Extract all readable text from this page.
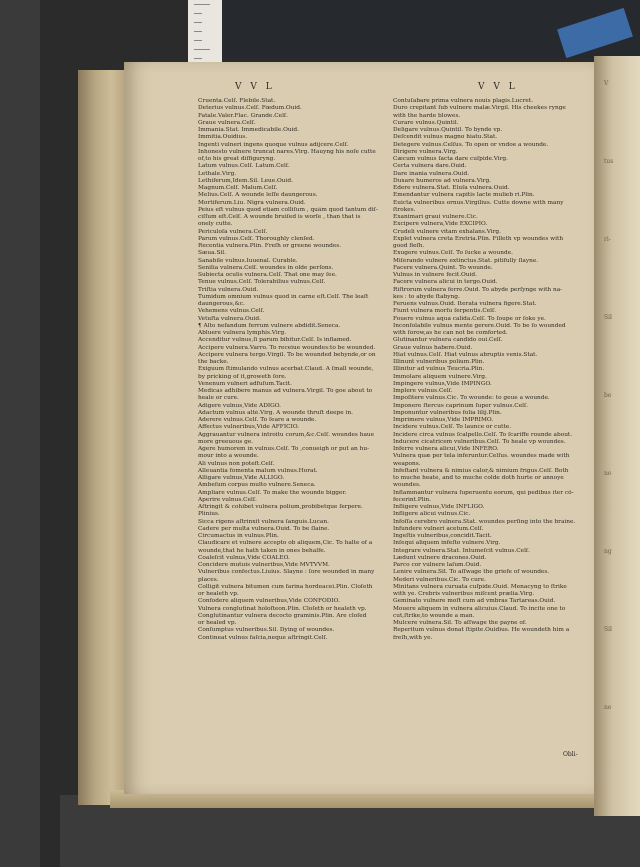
V
tus
ri-
Sil
be
ne
ng
Sil
ne
V V L	V V L
Cruenta.Celſ. Flebile.Stat.
Deterius vulnus.Celſ. Fœdum.Ouid.
Fatale.Valer.Flac. Grande.Celſ.
Graue vulnera.Celſ.
Immania.Stat. Immedicabile.Ouid.
Immitia.Ouidius.
Ingenti vulneri ingens quoque vulnus adijcere.Celſ.
Inhonesto vulnere truncat nares.Virg. Hauyng his noſe cutte
of,to his great diſfiguryng.
Latum vulnus.Celſ. Latum.Celſ.
Lethale.Virg.
Lethiferum,Idem.Sil. Leue.Ouid.
Magnum.Celſ. Malum.Celſ.
Melius.Celſ. A wounde leſſe daungerous.
Mortiferum.Liu. Nigra vulnera.Ouid.
Peius eſt vulnus quod etiam colliſum , quâm quod tantum diſ-
ciſſum eſt.Celſ. A wounde bruiſed is worſe , than that is
onely cutte.
Periculoſa vulnera.Celſ.
Parum vulnus.Celſ. Thoroughly clenſed.
Recentia vulnera.Plin. Freſh or greene woundes.
Sæua.Sil.
Sanabile vulnus.Iuuenal. Curable.
Senilia vulnera.Celſ. woundes in olde perſons.
Subiecta oculis vulnera.Celſ. That one may ſee.
Tenue vulnus.Celſ. Tolerabilius vulnus.Celſ.
Triſtia vulnera.Ouid.
Tumidum omnium vulnus quod in carne eſt.Celſ. The leaſt
daungerous,&c.
Vehemens vulnus.Celſ.
Vetuſta vulnera.Ouid.
¶ Alto nefandum ferrum vulnere abdidit.Seneca.
Abluere vulnera lymphis.Virg.
Accenditur vulnus,ſi parum bibitur.Celſ. Is inflamed.
Accipere vulnera.Varro. To receiue woundes:to be wounded.
Accipere vulnera tergo.Virgil. To be wounded behynde,or on
the backe.
Exiguum ſtimulando vulnus acerbat.Claud. A ſmall wounde,
by pricking of it,groweth ſore.
Venenum vulneri adfuſum.Tacit.
Medicas adhibere manus ad vulnera.Virgil. To goe about to
heale or cure.
Adigere vulnus,Vide ADIGO.
Adactum vulnus altè.Virg. A wounde thruſt deepe in.
Aderere vulnus.Celſ. To ſeare a wounde.
Affectus vulneribus,Vide AFFICIO.
Aggrauantur vulnera introitu corum,&c.Celſ. woundes haue
more greeuous ge.
Agere humorem in vulnus.Celſ. To ,conueigh or put an hu-
mour into a wounde.
Ali vulnus non poteſt.Celſ.
Alleuantia fomenta malum vulnus.Horat.
Alligare vulnus,Vide ALLIGO.
Ambeſum corpus multo vulnere.Seneca.
Ampliare vulnus.Celſ. To make the wounde bigger.
Aperire vulnus.Celſ.
Aſtringit & cohibet vulnera polium,probibetque ſerpere.
Plinius.
Sicca rigens aſtrinxit vulnera ſanguis.Lucan.
Cadere per multa vulnera.Ouid. To be ſlaine.
Circumactus in vulnus.Plin.
Claudicare et vulnere accepto ob aliquem,Cic. To halte of a
wounde,that he hath taken in ones behalfe.
Coaleſcit vulnus,Vide COALEO.
Concidere mutuis vulneribus,Vide MVTVVM.
Vulneribus confectus.Liuius. Slayne : ſore wounded in many
places.
Colligit vulnera bitumen cum farina hordeacei.Plin. Cloſeth
or healeth vp.
Confodere aliquem vulneribus,Vide CONFODIO.
Vulnera conglutinat holoſteon.Plin. Cloſeth or healeth vp.
Conglutinantur vulnera decocto graminis.Plin. Are cloſed
or healed vp.
Conſumptus vulneribus.Sil. Dying of woundes.
Contineat vulnus faſcia,neque aſtringit.Celſ.
Contuſabare prima vulnera nouis plagis.Lucret.
Duro crepitant ſub vulnere malæ.Virgil. His cheekes rynge
with the harde blowes.
Curare vulnus.Quintil.
Deligare vulnus.Quintil. To bynde vp.
Deſcendit vulnus magno hiatu.Stat.
Detegere vulnus.Celſus. To open or vndoe a wounde.
Dirigere vulnera.Virg.
Cæcum vulnus ſacta dare cuſpide.Virg.
Certa vulnera dare.Ouid.
Dare inania vulnera.Ouid.
Duxare humeros ad vulnera.Virg.
Edere vulnera.Stat. Eluſa vulnera.Ouid.
Emendantur vulnera capitis lacte mulieb ri.Plin.
Euicta vulneribus ornus.Virgilius. Cutte downe with many
ſtrokes.
Exanimari graui vulnere.Cic.
Excipere vulnera,Vide EXCIPIO.
Crudeli vulnere vitam exhalans.Virg.
Explet vulnera creta Eretria.Plin. Filleth vp woundes with
good fleſh.
Exugere vulnus.Celſ. To ſucke a wounde.
Miſerando vulnere extinctus.Stat. pitifully ſlayne.
Facere vulnera.Quint. To wounde.
Vulnus in vulnere fecit.Ouid.
Facere vulnera alicui in tergo.Ouid.
Riſtrorum vulnera ferre.Ouid. To abyde perſynge with na-
kes : to abyde ſtabyng.
Feruens vulnus.Ouid. Iterata vulnera figere.Stat.
Fiunt vulnera morſu ſerpentis.Celſ.
Fouere vulnus aqua calida.Celſ. To ſoupe or ſoke ye.
Inconſolabile vulnus mente gerere.Ouid. To be ſo wounded
with ſorow,as he can not be comforted.
Glutinantur vulnera candido oui.Celſ.
Graue vulnus habere.Ouid.
Hiat vulnus.Celſ. Hiat vulnus abruptis venis.Stat.
Illinunt vulneribus polium.Plin.
Illinitur ad vulnus Teucria.Plin.
Immolare aliquem vulnere.Virg.
Impingere vulnus,Vide IMPINGO.
Implere vulnus.Celſ.
Impoſitere vulnus.Cic. To wounde: to geue a wounde.
Imponere ſtercus caprinum ſuper vulnus.Celſ.
Imponuntur vulneribus folia lilij.Plin.
Imprimere vulnus,Vide IMPRIMO.
Incidere vulnus.Celſ. To launce or cutte.
Incidere circa vulnus ſcalpello.Celſ. To ſcariffe rounde about.
Inducere cicatricem vulneribus.Celſ. To heale vp woundes.
Inferre vulnera alicui,Vide INFERO.
Vulnera quæ per tela inferuntur.Celſus. woundes made with
weapons.
Infeſtant vulnera & nimius calor,& nimium frigus.Celſ. Both
to muche heate, and to muche colde doth hurte or annoye
woundes.
Inflammantur vulnera ſuperuentu eorum, qui pedibus iter cõ-
fecerint.Plin.
Infligere vulnus,Vide INFLIGO.
Infligere alicui vulnus.Cic.
Infoſſa cerebro vulnera.Stat. woundes perſing into the braine.
Infundere vulneri acetum.Celſ.
Ingeſtis vulneribus,concidit.Tacit.
Inſequi aliquem infeſto vulnere.Virg.
Integrare vulnera.Stat. Intumeſcit vulnus.Celſ.
Lædunt vulnere dracones.Ouid.
Parco cor vulnere laſum.Ouid.
Lenire vulnera.Sil. To aſſwage the griefe of woundes.
Mederi vulneribus.Cic. To cure.
Minitans vulnera curuata cuſpide.Ouid. Menacyng to ſtrike
with ye. Crebris vulneribus miſcent prælia.Virg.
Geminato vulnere moſt cum ad vmbras Tartareas.Ouid.
Mouere aliquem in vulnera alicuius.Claud. To incite one to
cut,ſtrike,to wounde a man.
Mulcere vulnera.Sil. To aſſwage the payne of.
Reperitum vulnus donat ſtipite.Ouidius. He woundeth him a
freſh,with ye.
Obli-
